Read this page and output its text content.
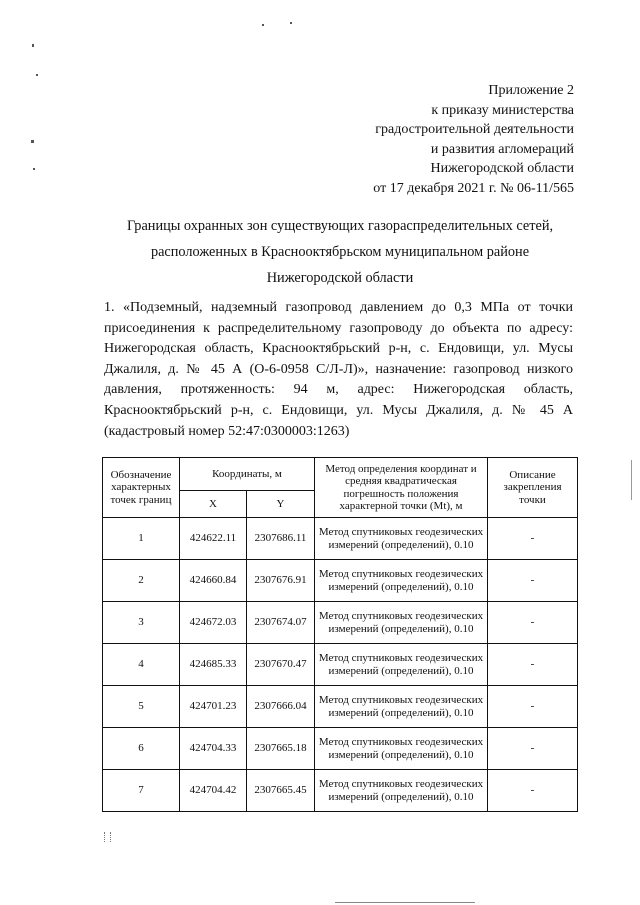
Приложение 2
к приказу министерства
градостроительной деятельности
и развития агломераций
Нижегородской области
от 17 декабря 2021 г. № 06-11/565
Границы охранных зон существующих газораспределительных сетей,
расположенных в Краснооктябрьском муниципальном районе
Нижегородской области
1. «Подземный, надземный газопровод давлением до 0,3 МПа от точки присоединения к распределительному газопроводу до объекта по адресу: Нижегородская область, Краснооктябрьский р-н, с. Ендовищи, ул. Мусы Джалиля, д. № 45 А (О-6-0958 С/Л-Л)», назначение: газопровод низкого давления, протяженность: 94 м, адрес: Нижегородская область, Краснооктябрьский р-н, с. Ендовищи, ул. Мусы Джалиля, д. № 45 А (кадастровый номер 52:47:0300003:1263)
Обозначение характерных точек границ	Координаты, м		Метод определения координат и средняя квадратическая погрешность положения характерной точки (Mt), м	Описание закрепления точки
	X	Y		
1	424622.11	2307686.11	Метод спутниковых геодезических измерений (определений), 0.10	-
2	424660.84	2307676.91	Метод спутниковых геодезических измерений (определений), 0.10	-
3	424672.03	2307674.07	Метод спутниковых геодезических измерений (определений), 0.10	-
4	424685.33	2307670.47	Метод спутниковых геодезических измерений (определений), 0.10	-
5	424701.23	2307666.04	Метод спутниковых геодезических измерений (определений), 0.10	-
6	424704.33	2307665.18	Метод спутниковых геодезических измерений (определений), 0.10	-
7	424704.42	2307665.45	Метод спутниковых геодезических измерений (определений), 0.10	-
